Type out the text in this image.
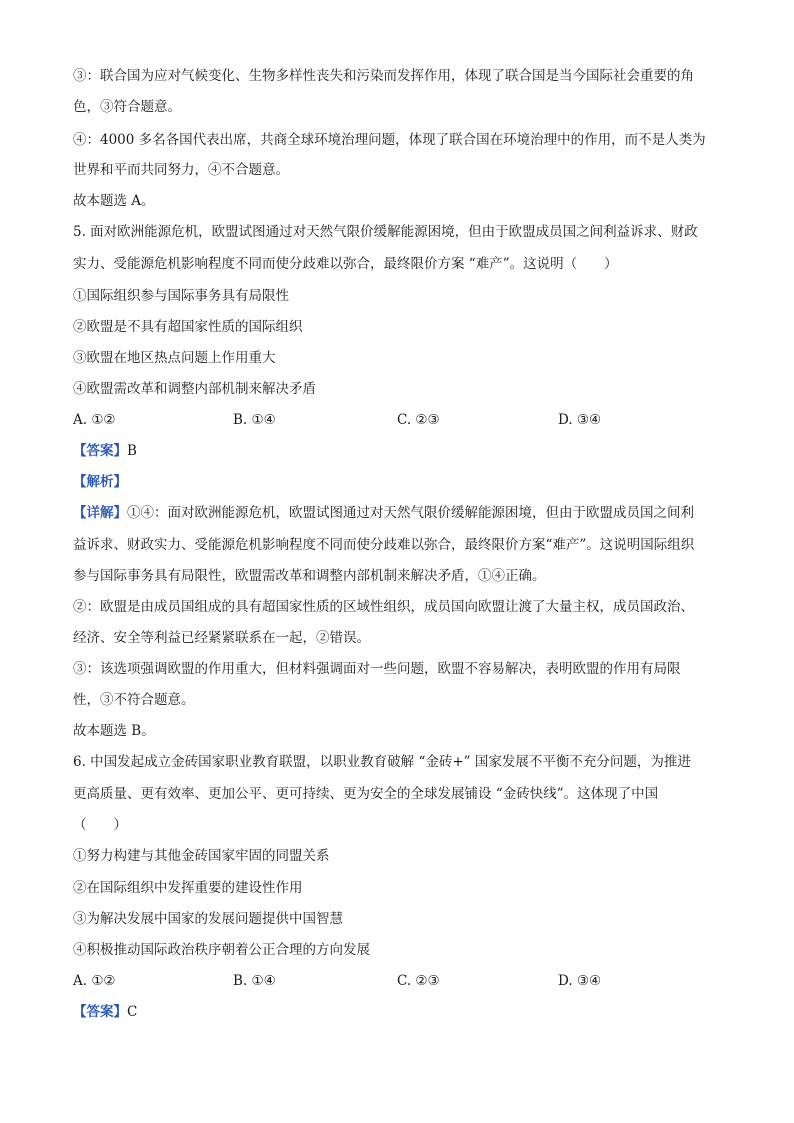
③：联合国为应对气候变化、生物多样性丧失和污染而发挥作用，体现了联合国是当今国际社会重要的角
色，③符合题意。
④：4000 多名各国代表出席，共商全球环境治理问题，体现了联合国在环境治理中的作用，而不是人类为
世界和平而共同努力，④不合题意。
故本题选 A。
5. 面对欧洲能源危机，欧盟试图通过对天然气限价缓解能源困境，但由于欧盟成员国之间利益诉求、财政
实力、受能源危机影响程度不同而使分歧难以弥合，最终限价方案 “难产”。这说明（　　）
①国际组织参与国际事务具有局限性
②欧盟是不具有超国家性质的国际组织
③欧盟在地区热点问题上作用重大
④欧盟需改革和调整内部机制来解决矛盾
A. ①②	B. ①④	C. ②③	D. ③④
【答案】B
【解析】
【详解】①④：面对欧洲能源危机，欧盟试图通过对天然气限价缓解能源困境，但由于欧盟成员国之间利
益诉求、财政实力、受能源危机影响程度不同而使分歧难以弥合，最终限价方案“难产”。这说明国际组织
参与国际事务具有局限性，欧盟需改革和调整内部机制来解决矛盾，①④正确。
②：欧盟是由成员国组成的具有超国家性质的区域性组织，成员国向欧盟让渡了大量主权，成员国政治、
经济、安全等利益已经紧紧联系在一起，②错误。
③：该选项强调欧盟的作用重大，但材料强调面对一些问题，欧盟不容易解决，表明欧盟的作用有局限
性，③不符合题意。
故本题选 B。
6. 中国发起成立金砖国家职业教育联盟，以职业教育破解 “金砖+” 国家发展不平衡不充分问题，为推进
更高质量、更有效率、更加公平、更可持续、更为安全的全球发展铺设 “金砖快线”。这体现了中国
（　　）
①努力构建与其他金砖国家牢固的同盟关系
②在国际组织中发挥重要的建设性作用
③为解决发展中国家的发展问题提供中国智慧
④积极推动国际政治秩序朝着公正合理的方向发展
A. ①②	B. ①④	C. ②③	D. ③④
【答案】C
